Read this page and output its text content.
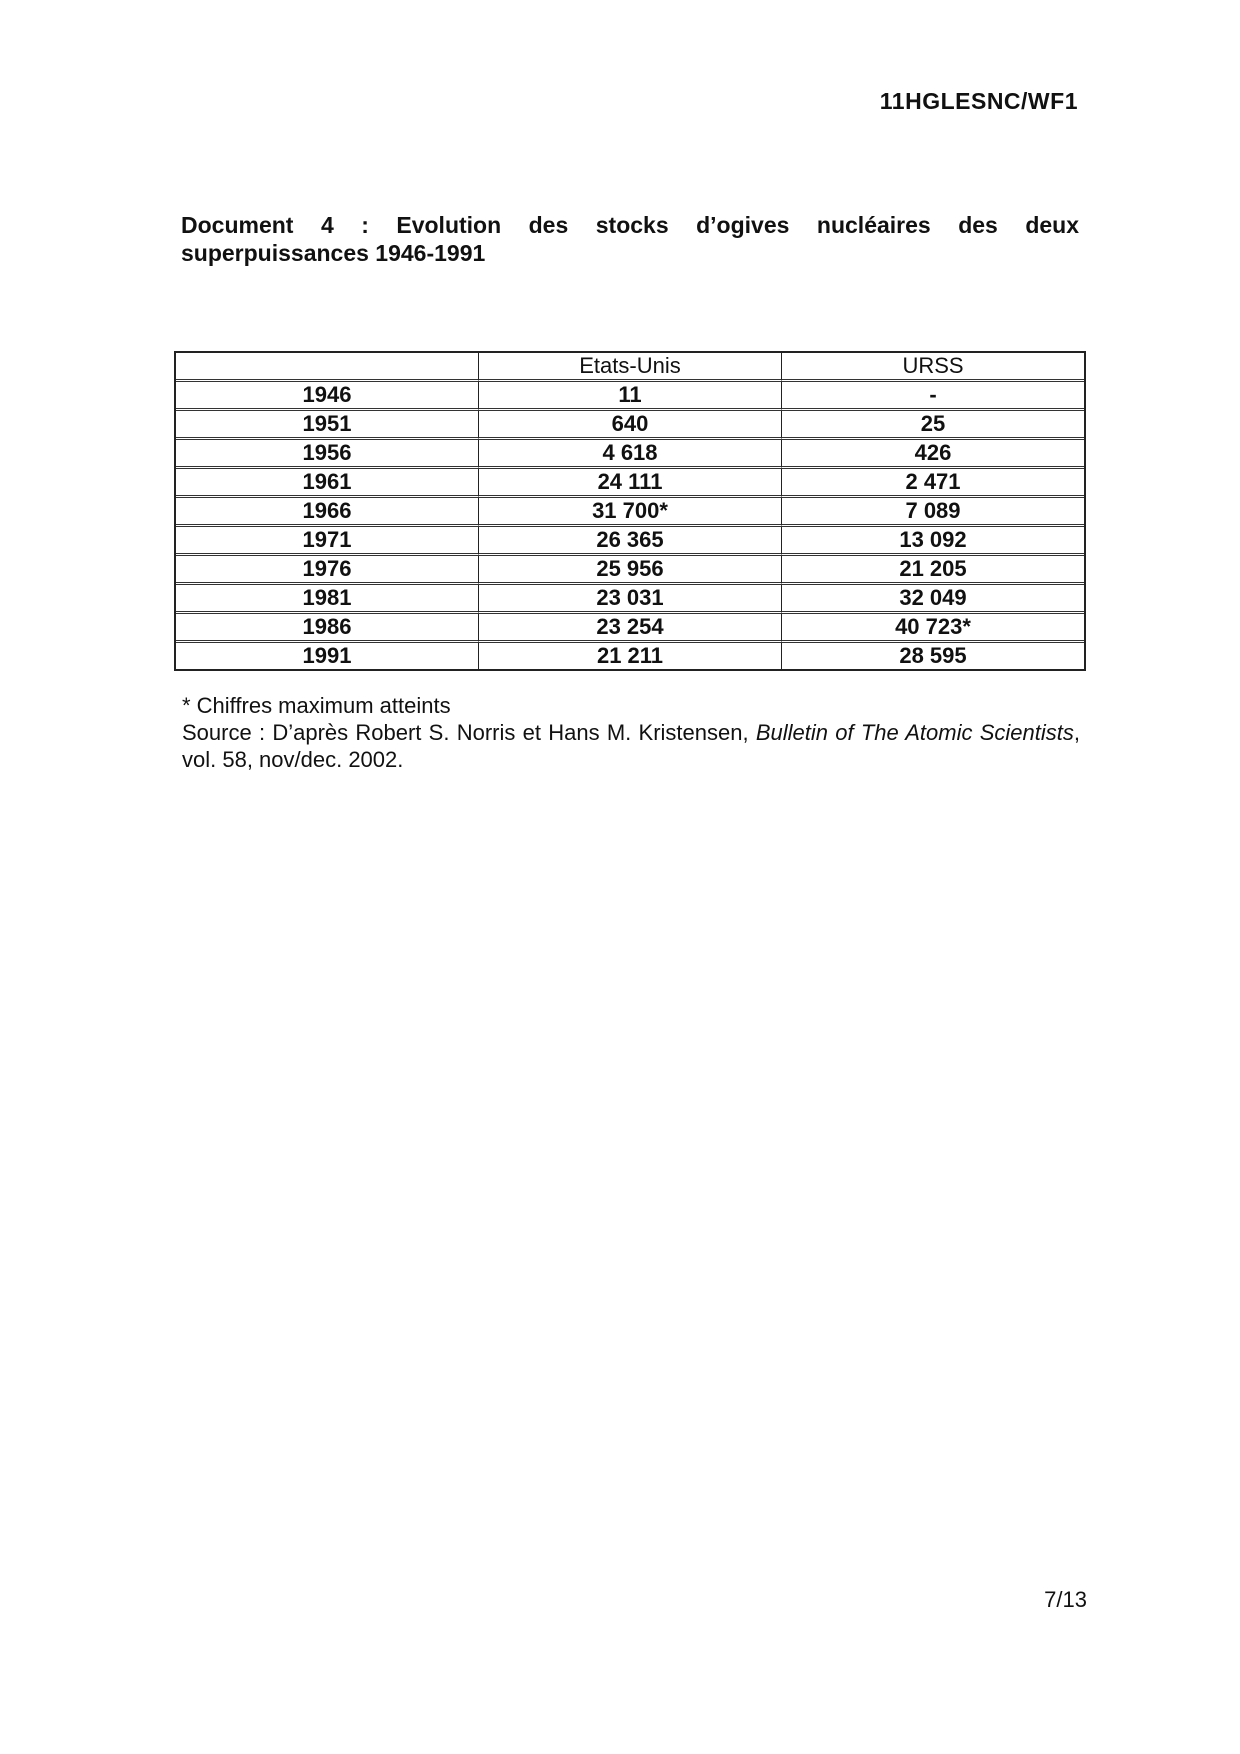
11HGLESNC/WF1
Document 4 : Evolution des stocks d’ogives nucléaires des deux
superpuissances 1946-1991
	Etats-Unis	URSS
1946	11	-
1951	640	25
1956	4 618	426
1961	24 111	2 471
1966	31 700*	7 089
1971	26 365	13 092
1976	25 956	21 205
1981	23 031	32 049
1986	23 254	40 723*
1991	21 211	28 595
* Chiffres maximum atteints
Source : D’après Robert S. Norris et Hans M. Kristensen, Bulletin of The Atomic Scientists, vol. 58, nov/dec. 2002.
7/13
